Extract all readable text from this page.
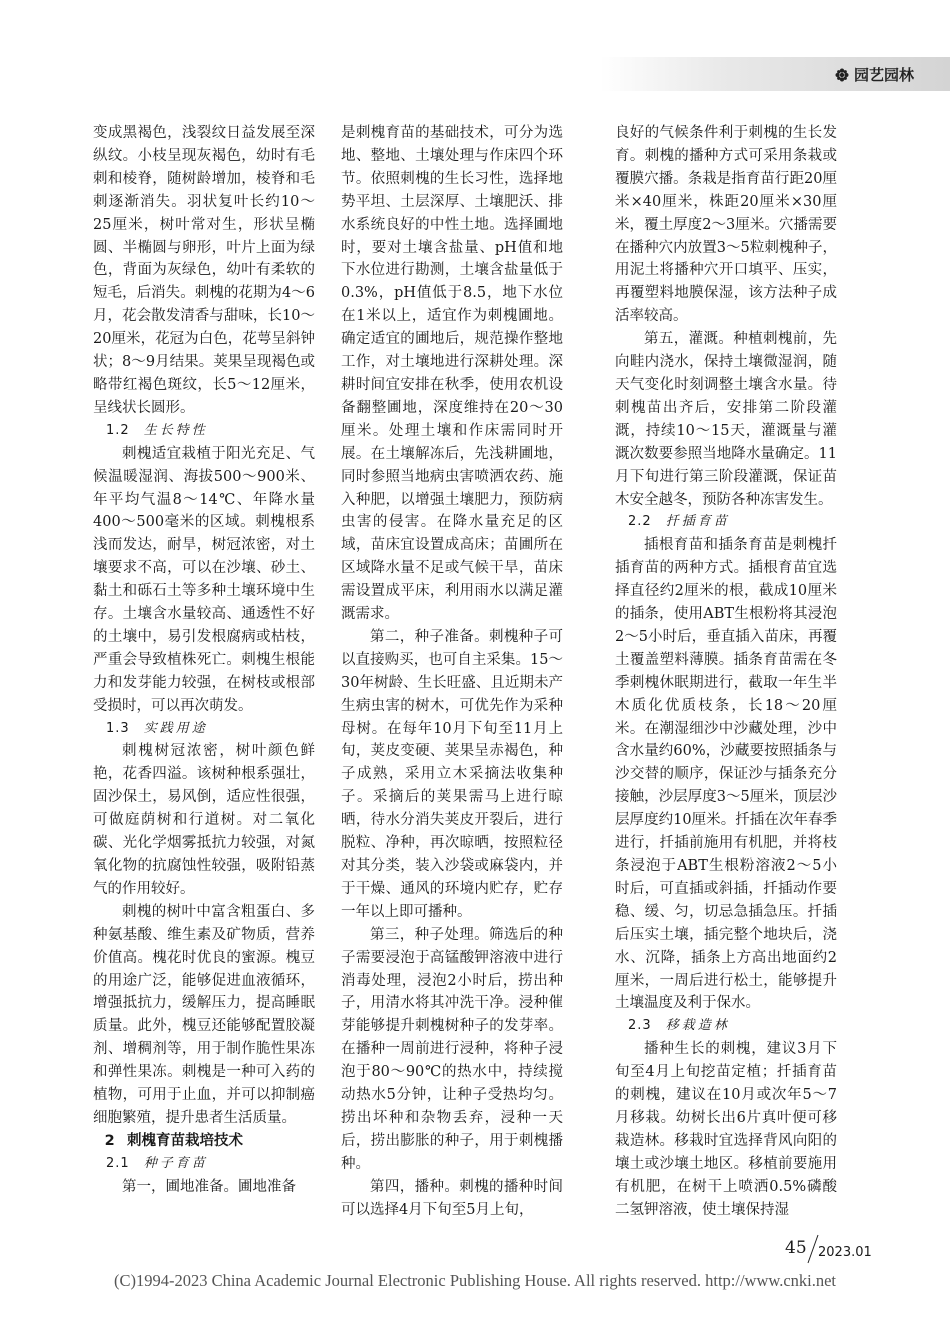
园艺园林

变成黑褐色，浅裂纹日益发展至深纵纹。小枝呈现灰褐色，幼时有毛刺和棱脊，随树龄增加，棱脊和毛刺逐渐消失。羽状复叶长约10～25厘米，树叶常对生，形状呈椭圆、半椭圆与卵形，叶片上面为绿色，背面为灰绿色，幼叶有柔软的短毛，后消失。刺槐的花期为4～6月，花会散发清香与甜味，长10～20厘米，花冠为白色，花萼呈斜钟状；8～9月结果。荚果呈现褐色或略带红褐色斑纹，长5～12厘米，呈线状长圆形。

1.2  生长特性

刺槐适宜栽植于阳光充足、气候温暖湿润、海拔500～900米、年平均气温8～14℃、年降水量400～500毫米的区域。刺槐根系浅而发达，耐旱，树冠浓密，对土壤要求不高，可以在沙壤、砂土、黏土和砾石土等多种土壤环境中生存。土壤含水量较高、通透性不好的土壤中，易引发根腐病或枯枝，严重会导致植株死亡。刺槐生根能力和发芽能力较强，在树枝或根部受损时，可以再次萌发。

1.3  实践用途

刺槐树冠浓密，树叶颜色鲜艳，花香四溢。该树种根系强壮，固沙保土，易风倒，适应性很强，可做庭荫树和行道树。对二氧化碳、光化学烟雾抵抗力较强，对氮氧化物的抗腐蚀性较强，吸附铅蒸气的作用较好。

刺槐的树叶中富含粗蛋白、多种氨基酸、维生素及矿物质，营养价值高。槐花时优良的蜜源。槐豆的用途广泛，能够促进血液循环，增强抵抗力，缓解压力，提高睡眠质量。此外，槐豆还能够配置胶凝剂、增稠剂等，用于制作脆性果冻和弹性果冻。刺槐是一种可入药的植物，可用于止血，并可以抑制癌细胞繁殖，提升患者生活质量。

2  刺槐育苗栽培技术

2.1  种子育苗

第一，圃地准备。圃地准备

是刺槐育苗的基础技术，可分为选地、整地、土壤处理与作床四个环节。依照刺槐的生长习性，选择地势平坦、土层深厚、土壤肥沃、排水系统良好的中性土地。选择圃地时，要对土壤含盐量、pH值和地下水位进行勘测，土壤含盐量低于0.3%，pH值低于8.5，地下水位在1米以上，适宜作为刺槐圃地。确定适宜的圃地后，规范操作整地工作，对土壤地进行深耕处理。深耕时间宜安排在秋季，使用农机设备翻整圃地，深度维持在20～30厘米。处理土壤和作床需同时开展。在土壤解冻后，先浅耕圃地，同时参照当地病虫害喷洒农药、施入种肥，以增强土壤肥力，预防病虫害的侵害。在降水量充足的区域，苗床宜设置成高床；苗圃所在区域降水量不足或气候干旱，苗床需设置成平床，利用雨水以满足灌溉需求。

第二，种子准备。刺槐种子可以直接购买，也可自主采集。15～30年树龄、生长旺盛、且近期未产生病虫害的树木，可优先作为采种母树。在每年10月下旬至11月上旬，荚皮变硬、荚果呈赤褐色，种子成熟，采用立木采摘法收集种子。采摘后的荚果需马上进行晾晒，待水分消失荚皮开裂后，进行脱粒、净种，再次晾晒，按照粒径对其分类，装入沙袋或麻袋内，并于干燥、通风的环境内贮存，贮存一年以上即可播种。

第三，种子处理。筛选后的种子需要浸泡于高锰酸钾溶液中进行消毒处理，浸泡2小时后，捞出种子，用清水将其冲洗干净。浸种催芽能够提升刺槐树种子的发芽率。在播种一周前进行浸种，将种子浸泡于80～90℃的热水中，持续搅动热水5分钟，让种子受热均匀。捞出坏种和杂物丢弃，浸种一天后，捞出膨胀的种子，用于刺槐播种。

第四，播种。刺槐的播种时间可以选择4月下旬至5月上旬，

良好的气候条件利于刺槐的生长发育。刺槐的播种方式可采用条栽或覆膜穴播。条栽是指育苗行距20厘米×40厘米，株距20厘米×30厘米，覆土厚度2～3厘米。穴播需要在播种穴内放置3～5粒刺槐种子，用泥土将播种穴开口填平、压实，再覆塑料地膜保湿，该方法种子成活率较高。

第五，灌溉。种植刺槐前，先向畦内浇水，保持土壤微湿润，随天气变化时刻调整土壤含水量。待刺槐苗出齐后，安排第二阶段灌溉，持续10～15天，灌溉量与灌溉次数要参照当地降水量确定。11月下旬进行第三阶段灌溉，保证苗木安全越冬，预防各种冻害发生。

2.2  扦插育苗

插根育苗和插条育苗是刺槐扦插育苗的两种方式。插根育苗宜选择直径约2厘米的根，截成10厘米的插条，使用ABT生根粉将其浸泡2～5小时后，垂直插入苗床，再覆土覆盖塑料薄膜。插条育苗需在冬季刺槐休眠期进行，截取一年生半木质化优质枝条，长18～20厘米。在潮湿细沙中沙藏处理，沙中含水量约60%，沙藏要按照插条与沙交替的顺序，保证沙与插条充分接触，沙层厚度3～5厘米，顶层沙层厚度约10厘米。扦插在次年春季进行，扦插前施用有机肥，并将枝条浸泡于ABT生根粉溶液2～5小时后，可直插或斜插，扦插动作要稳、缓、匀，切忌急插急压。扦插后压实土壤，插完整个地块后，浇水、沉降，插条上方高出地面约2厘米，一周后进行松土，能够提升土壤温度及利于保水。

2.3  移栽造林

播种生长的刺槐，建议3月下旬至4月上旬挖苗定植；扦插育苗的刺槐，建议在10月或次年5～7月移栽。幼树长出6片真叶便可移栽造林。移栽时宜选择背风向阳的壤土或沙壤土地区。移植前要施用有机肥，在树干上喷洒0.5%磷酸二氢钾溶液，使土壤保持湿

45 2023.01
(C)1994-2023 China Academic Journal Electronic Publishing House. All rights reserved. http://www.cnki.net
